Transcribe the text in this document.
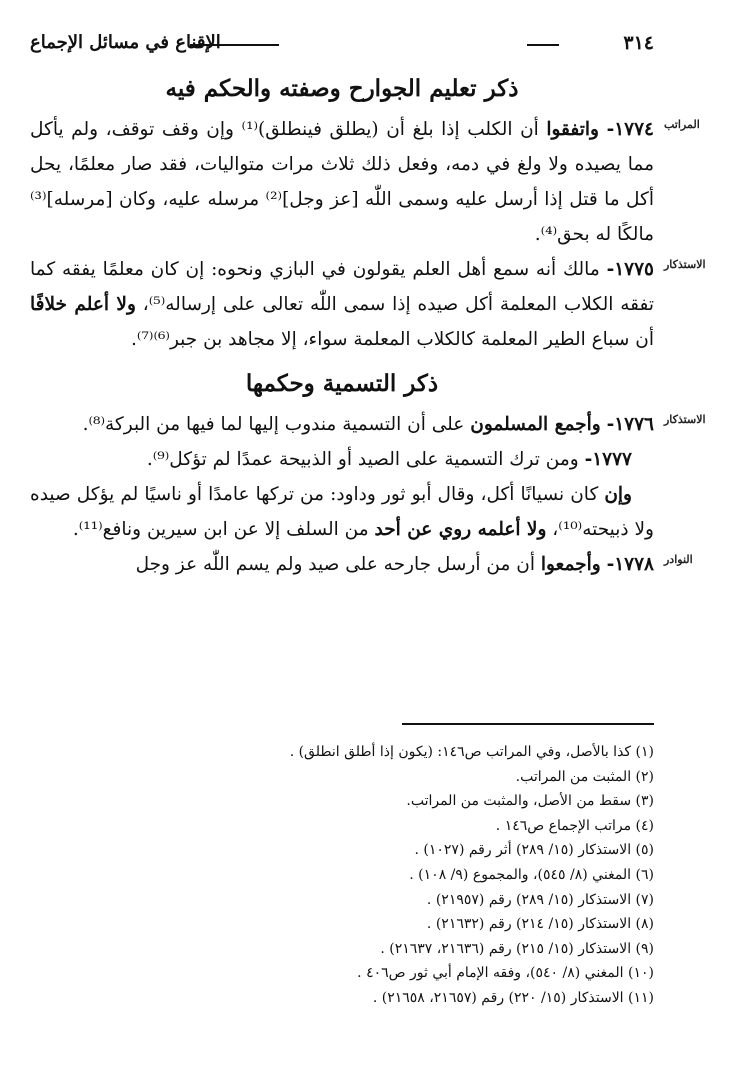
٣١٤
الإقناع في مسائل الإجماع
ذكر تعليم الجوارح وصفته والحكم فيه
المراتب

١٧٧٤- واتفقوا أن الكلب إذا بلغ أن (يطلق فينطلق)⁽¹⁾ وإن وقف توقف، ولم يأكل مما يصيده ولا ولغ في دمه، وفعل ذلك ثلاث مرات متواليات، فقد صار معلمًا، يحل أكل ما قتل إذا أرسل عليه وسمى اللّٰه [عز وجل]⁽²⁾ مرسله عليه، وكان [مرسله]⁽³⁾ مالكًا له بحق⁽⁴⁾.

الاستذكار

١٧٧٥- مالك أنه سمع أهل العلم يقولون في البازي ونحوه: إن كان معلمًا يفقه كما تفقه الكلاب المعلمة أكل صيده إذا سمى اللّٰه تعالى على إرساله⁽⁵⁾، ولا أعلم خلافًا أن سباع الطير المعلمة كالكلاب المعلمة سواء، إلا مجاهد بن جبر⁽⁶⁾⁽⁷⁾.

ذكر التسمية وحكمها
الاستذكار

١٧٧٦- وأجمع المسلمون على أن التسمية مندوب إليها لما فيها من البركة⁽⁸⁾.

١٧٧٧- ومن ترك التسمية على الصيد أو الذبيحة عمدًا لم تؤكل⁽⁹⁾.

وإن كان نسيانًا أكل، وقال أبو ثور وداود: من تركها عامدًا أو ناسيًا لم يؤكل صيده ولا ذبيحته⁽¹⁰⁾، ولا أعلمه روي عن أحد من السلف إلا عن ابن سيرين ونافع⁽¹¹⁾.

النوادر

١٧٧٨- وأجمعوا أن من أرسل جارحه على صيد ولم يسم اللّٰه عز وجل

(١) كذا بالأصل، وفي المراتب ص١٤٦: (يكون إذا أطلق انطلق) .
(٢) المثبت من المراتب.
(٣) سقط من الأصل، والمثبت من المراتب.
(٤) مراتب الإجماع ص١٤٦ .
(٥) الاستذكار (١٥/ ٢٨٩) أثر رقم (١٠٢٧) .
(٦) المغني (٨/ ٥٤٥)، والمجموع (٩/ ١٠٨) .
(٧) الاستذكار (١٥/ ٢٨٩) رقم (٢١٩٥٧) .
(٨) الاستذكار (١٥/ ٢١٤) رقم (٢١٦٣٢) .
(٩) الاستذكار (١٥/ ٢١٥) رقم (٢١٦٣٦، ٢١٦٣٧) .
(١٠) المغني (٨/ ٥٤٠)، وفقه الإمام أبي ثور ص٤٠٦ .
(١١) الاستذكار (١٥/ ٢٢٠) رقم (٢١٦٥٧، ٢١٦٥٨) .
